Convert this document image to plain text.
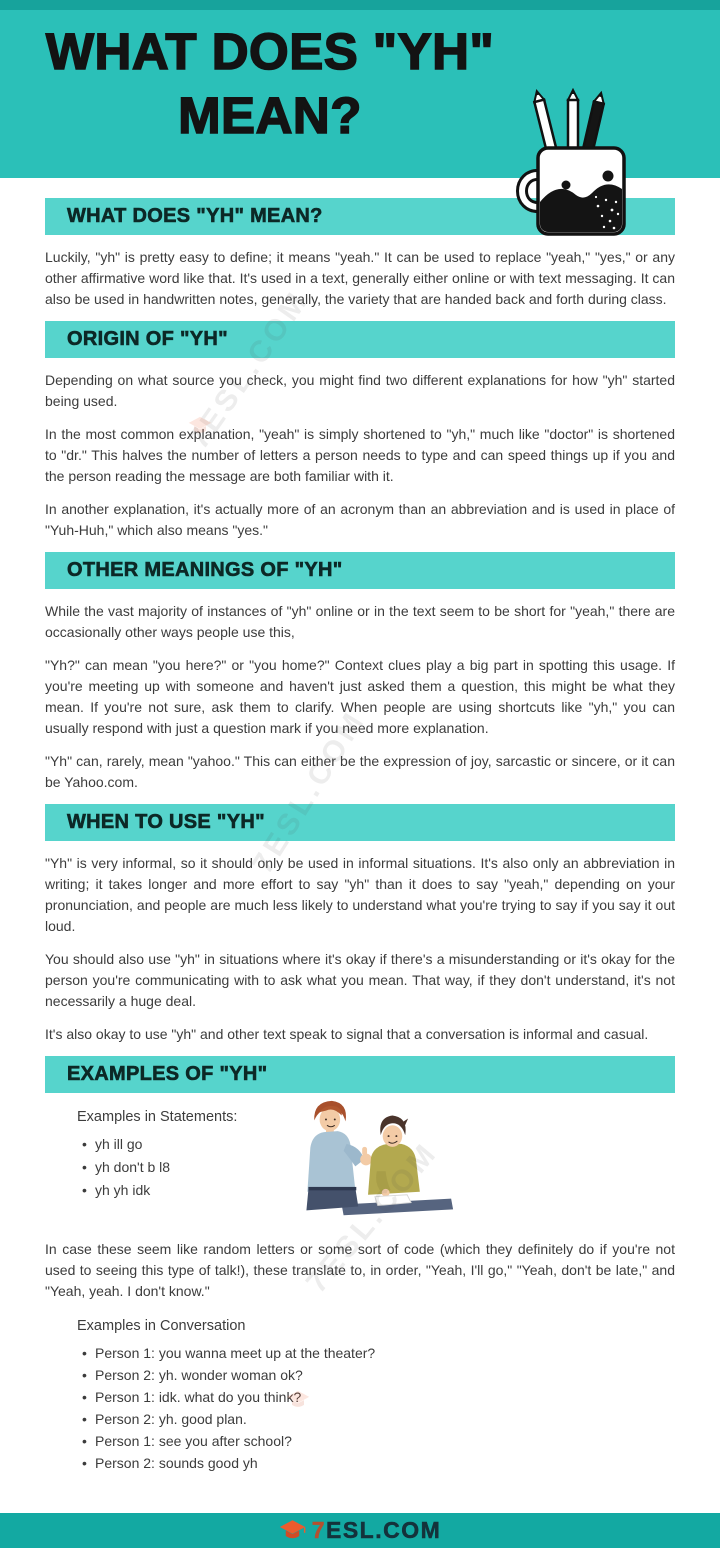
WHAT DOES "YH"
MEAN?
WHAT DOES "YH" MEAN?

Luckily, "yh" is pretty easy to define; it means "yeah." It can be used to replace "yeah," "yes," or any other affirmative word like that. It's used in a text, generally either online or with text messaging. It can also be used in handwritten notes, generally, the variety that are handed back and forth during class.

ORIGIN OF "YH"

Depending on what source you check, you might find two different explanations for how "yh" started being used.

In the most common explanation, "yeah" is simply shortened to "yh," much like "doctor" is shortened to "dr." This halves the number of letters a person needs to type and can speed things up if you and the person reading the message are both familiar with it.

In another explanation, it's actually more of an acronym than an abbreviation and is used in place of "Yuh-Huh," which also means "yes."

OTHER MEANINGS OF "YH"

While the vast majority of instances of "yh" online or in the text seem to be short for "yeah," there are occasionally other ways people use this,

"Yh?" can mean "you here?" or "you home?" Context clues play a big part in spotting this usage. If you're meeting up with someone and haven't just asked them a question, this might be what they mean. If you're not sure, ask them to clarify. When people are using shortcuts like "yh," you can usually respond with just a question mark if you need more explanation.

"Yh" can, rarely, mean "yahoo." This can either be the expression of joy, sarcastic or sincere, or it can be Yahoo.com.

WHEN TO USE "YH"

"Yh" is very informal, so it should only be used in informal situations. It's also only an abbreviation in writing; it takes longer and more effort to say "yh" than it does to say "yeah," depending on your pronunciation, and people are much less likely to understand what you're trying to say if you say it out loud.

You should also use "yh" in situations where it's okay if there's a misunderstanding or it's okay for the person you're communicating with to ask what you mean. That way, if they don't understand, it's not necessarily a huge deal.

It's also okay to use "yh" and other text speak to signal that a conversation is informal and casual.

EXAMPLES OF "YH"
Examples in Statements:
• yh ill go
• yh don't b l8
• yh yh idk

In case these seem like random letters or some sort of code (which they definitely do if you're not used to seeing this type of talk!), these translate to, in order, "Yeah, I'll go," "Yeah, don't be late," and "Yeah, yeah. I don't know."

Examples in Conversation
• Person 1: you wanna meet up at the theater?
• Person 2: yh. wonder woman ok?
• Person 1: idk. what do you think?
• Person 2: yh. good plan.
• Person 1: see you after school?
• Person 2: sounds good yh
7ESL.COM
7ESL.COM
7ESL.COM
7ESL.COM
